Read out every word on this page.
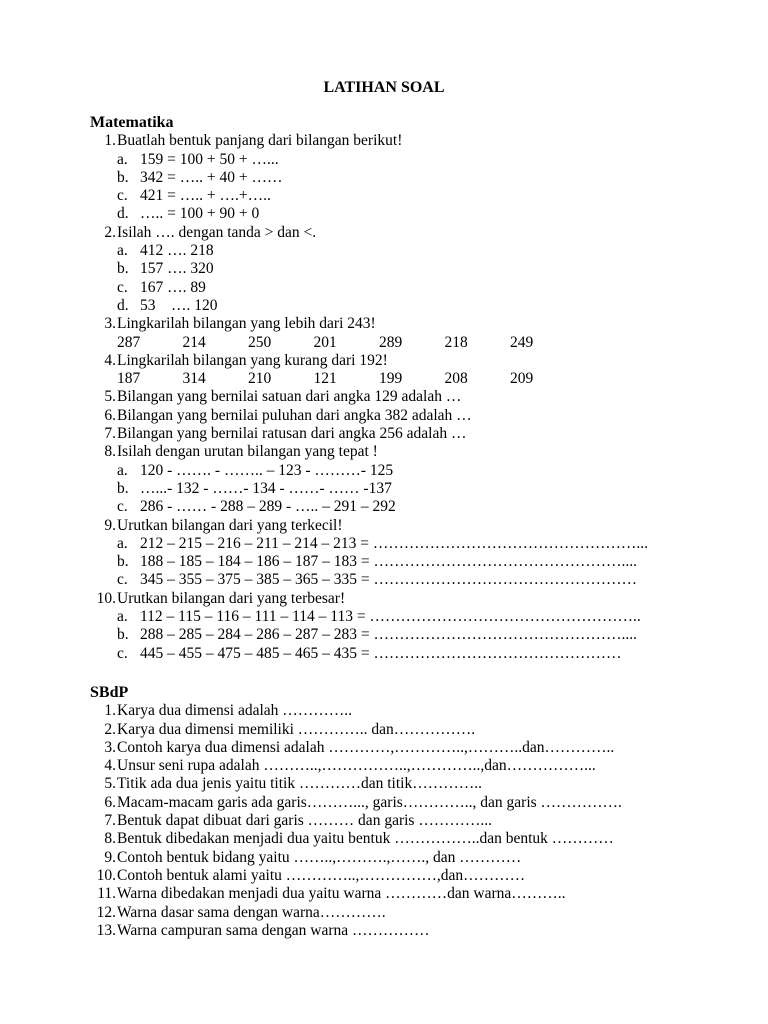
LATIHAN SOAL
Matematika
1. Buatlah bentuk panjang dari bilangan berikut!
a. 159 = 100 + 50 + …...
b. 342 = ….. + 40 + ……
c. 421 = ….. + ….+…..
d. ….. = 100 + 90 + 0
2. Isilah …. dengan tanda > dan <.
a. 412 …. 218
b. 157 …. 320
c. 167 …. 89
d. 53    …. 120
3. Lingkarilah bilangan yang lebih dari 243!
287	214	250	201	289	218	249
4. Lingkarilah bilangan yang kurang dari 192!
187	314	210	121	199	208	209
5. Bilangan yang bernilai satuan dari angka 129 adalah …
6. Bilangan yang bernilai puluhan dari angka 382 adalah …
7. Bilangan yang bernilai ratusan dari angka 256 adalah …
8. Isilah dengan urutan bilangan yang tepat !
a. 120 - ……. - …….. – 123 - ………- 125
b. …...- 132 - ……- 134 - ……- …… -137
c. 286 - …… - 288 – 289 - ….. – 291 – 292
9. Urutkan bilangan dari yang terkecil!
a. 212 – 215 – 216 – 211 – 214 – 213 = ……………………………………………...
b. 188 – 185 – 184 – 186 – 187 – 183 = …………………………………………....
c. 345 – 355 – 375 – 385 – 365 – 335 = ……………………………………………
10. Urutkan bilangan dari yang terbesar!
a. 112 – 115 – 116 – 111 – 114 – 113 = ……………………………………………..
b. 288 – 285 – 284 – 286 – 287 – 283 = …………………………………………....
c. 445 – 455 – 475 – 485 – 465 – 435 = …………………………………………
SBdP
1. Karya dua dimensi adalah …………..
2. Karya dua dimensi memiliki ………….. dan…………….
3. Contoh karya dua dimensi adalah …………,…………..,………..dan…………..
4. Unsur seni rupa adalah ………..,……………..,…………..,dan……………...
5. Titik ada dua jenis yaitu titik …………dan titik…………..
6. Macam-macam garis ada garis………..., garis………….., dan garis …………….
7. Bentuk dapat dibuat dari garis ……… dan garis …………...
8. Bentuk dibedakan menjadi dua yaitu bentuk ……………..dan bentuk …………
9. Contoh bentuk bidang yaitu ……..,……….,……., dan …………
10. Contoh bentuk alami yaitu …………..,……………,dan…………
11. Warna dibedakan menjadi dua yaitu warna …………dan warna………..
12. Warna dasar sama dengan warna………….
13. Warna campuran sama dengan warna ……………
